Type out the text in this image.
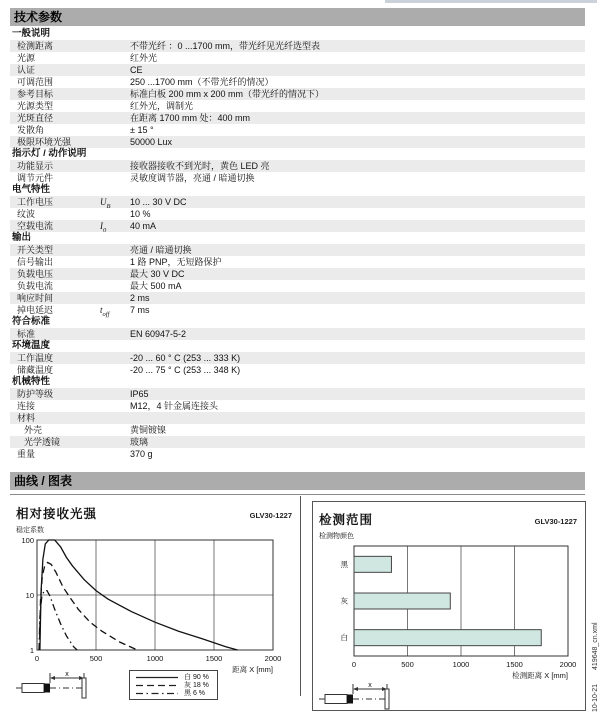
技术参数
一般说明
检测距离	不带光纤 ：0 ...1700 mm，带光纤见光纤选型表
光源	红外光
认证	CE
可调范围	250 ...1700 mm（不带光纤的情况）
参考目标	标准白板 200 mm x 200 mm（带光纤的情况下）
光源类型	红外光，调制光
光斑直径	在距离 1700 mm 处：400 mm
发散角	± 15 °
极限环境光强	50000 Lux
指示灯 / 动作说明
功能显示	接收器接收不到光时，黄色 LED 亮
调节元件	灵敏度调节器，亮通 / 暗通切换
电气特性
工作电压	$U_B$	10 ... 30 V DC
纹波	10 %
空载电流	$I_0$	40 mA
输出
开关类型	亮通 / 暗通切换
信号输出	1 路 PNP，无短路保护
负载电压	最大 30 V DC
负载电流	最大 500 mA
响应时间	2 ms
掉电延迟	$t_{off}$	7 ms
符合标准
标准	EN 60947-5-2
环境温度
工作温度	-20 ... 60 ° C (253 ... 333 K)
储藏温度	-20 ... 75 ° C (253 ... 348 K)
机械特性
防护等级	IP65
连接	M12，4 针金属连接头
材料
外壳	黄铜镀镍
光学透镜	玻璃
重量	370 g
曲线 / 图表
相对接收光强	GLV30-1227
稳定系数
100
10
1
0	500	1000	1500	2000
距离 X [mm]
x	白 90 %
灰 18 %
黑 6 %
检测范围	GLV30-1227
检测物颜色
黑
灰
白
0	500	1000	1500	2000
检测距离 X [mm]
x	10-10-21419648_cn.xml
